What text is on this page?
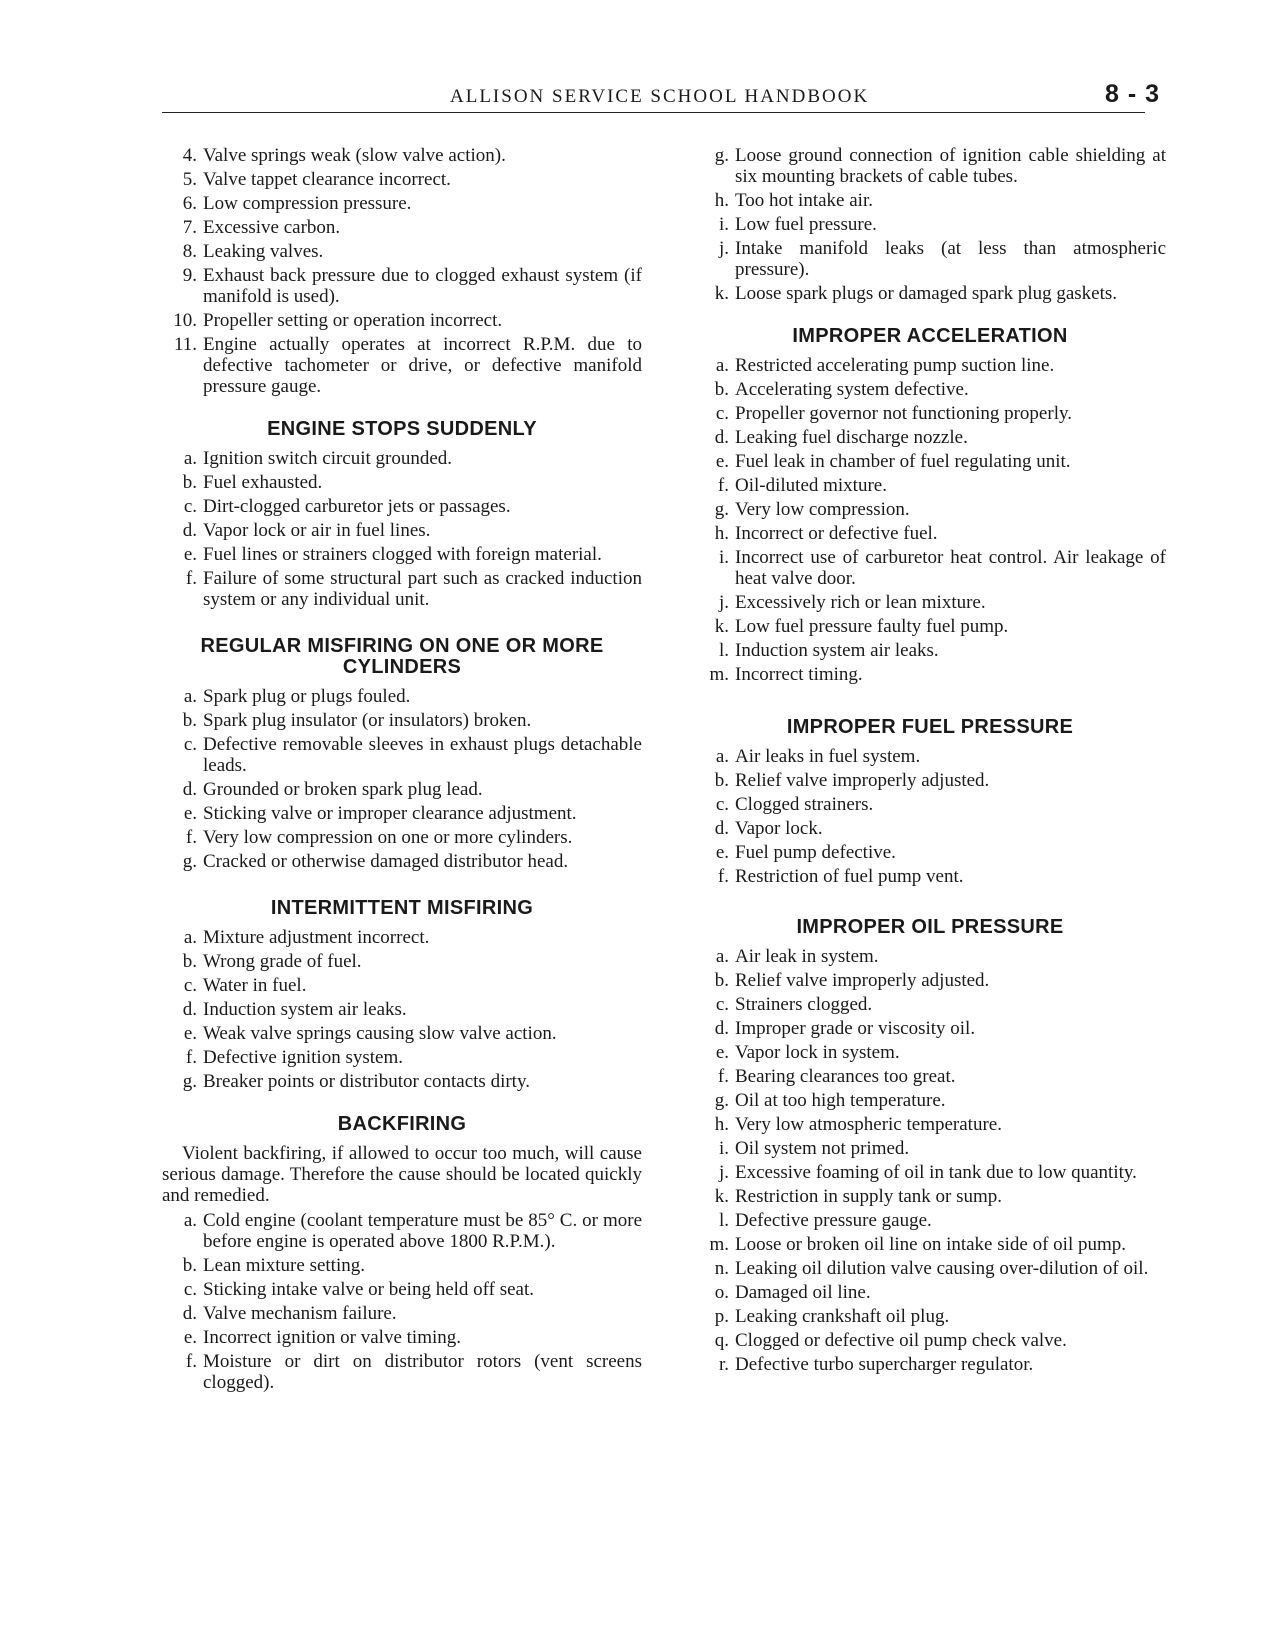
ALLISON SERVICE SCHOOL HANDBOOK	8 - 3
4. Valve springs weak (slow valve action).
5. Valve tappet clearance incorrect.
6. Low compression pressure.
7. Excessive carbon.
8. Leaking valves.
9. Exhaust back pressure due to clogged exhaust system (if manifold is used).
10. Propeller setting or operation incorrect.
11. Engine actually operates at incorrect R.P.M. due to defective tachometer or drive, or defective manifold pressure gauge.
ENGINE STOPS SUDDENLY
a. Ignition switch circuit grounded.
b. Fuel exhausted.
c. Dirt-clogged carburetor jets or passages.
d. Vapor lock or air in fuel lines.
e. Fuel lines or strainers clogged with foreign material.
f. Failure of some structural part such as cracked induction system or any individual unit.
REGULAR MISFIRING ON ONE OR MORE CYLINDERS
a. Spark plug or plugs fouled.
b. Spark plug insulator (or insulators) broken.
c. Defective removable sleeves in exhaust plugs detachable leads.
d. Grounded or broken spark plug lead.
e. Sticking valve or improper clearance adjustment.
f. Very low compression on one or more cylinders.
g. Cracked or otherwise damaged distributor head.
INTERMITTENT MISFIRING
a. Mixture adjustment incorrect.
b. Wrong grade of fuel.
c. Water in fuel.
d. Induction system air leaks.
e. Weak valve springs causing slow valve action.
f. Defective ignition system.
g. Breaker points or distributor contacts dirty.
BACKFIRING

Violent backfiring, if allowed to occur too much, will cause serious damage. Therefore the cause should be located quickly and remedied.

a. Cold engine (coolant temperature must be 85° C. or more before engine is operated above 1800 R.P.M.).
b. Lean mixture setting.
c. Sticking intake valve or being held off seat.
d. Valve mechanism failure.
e. Incorrect ignition or valve timing.
f. Moisture or dirt on distributor rotors (vent screens clogged).
g. Loose ground connection of ignition cable shielding at six mounting brackets of cable tubes.
h. Too hot intake air.
i. Low fuel pressure.
j. Intake manifold leaks (at less than atmospheric pressure).
k. Loose spark plugs or damaged spark plug gaskets.
IMPROPER ACCELERATION
a. Restricted accelerating pump suction line.
b. Accelerating system defective.
c. Propeller governor not functioning properly.
d. Leaking fuel discharge nozzle.
e. Fuel leak in chamber of fuel regulating unit.
f. Oil-diluted mixture.
g. Very low compression.
h. Incorrect or defective fuel.
i. Incorrect use of carburetor heat control. Air leakage of heat valve door.
j. Excessively rich or lean mixture.
k. Low fuel pressure faulty fuel pump.
l. Induction system air leaks.
m. Incorrect timing.
IMPROPER FUEL PRESSURE
a. Air leaks in fuel system.
b. Relief valve improperly adjusted.
c. Clogged strainers.
d. Vapor lock.
e. Fuel pump defective.
f. Restriction of fuel pump vent.
IMPROPER OIL PRESSURE
a. Air leak in system.
b. Relief valve improperly adjusted.
c. Strainers clogged.
d. Improper grade or viscosity oil.
e. Vapor lock in system.
f. Bearing clearances too great.
g. Oil at too high temperature.
h. Very low atmospheric temperature.
i. Oil system not primed.
j. Excessive foaming of oil in tank due to low quantity.
k. Restriction in supply tank or sump.
l. Defective pressure gauge.
m. Loose or broken oil line on intake side of oil pump.
n. Leaking oil dilution valve causing over-dilution of oil.
o. Damaged oil line.
p. Leaking crankshaft oil plug.
q. Clogged or defective oil pump check valve.
r. Defective turbo supercharger regulator.
